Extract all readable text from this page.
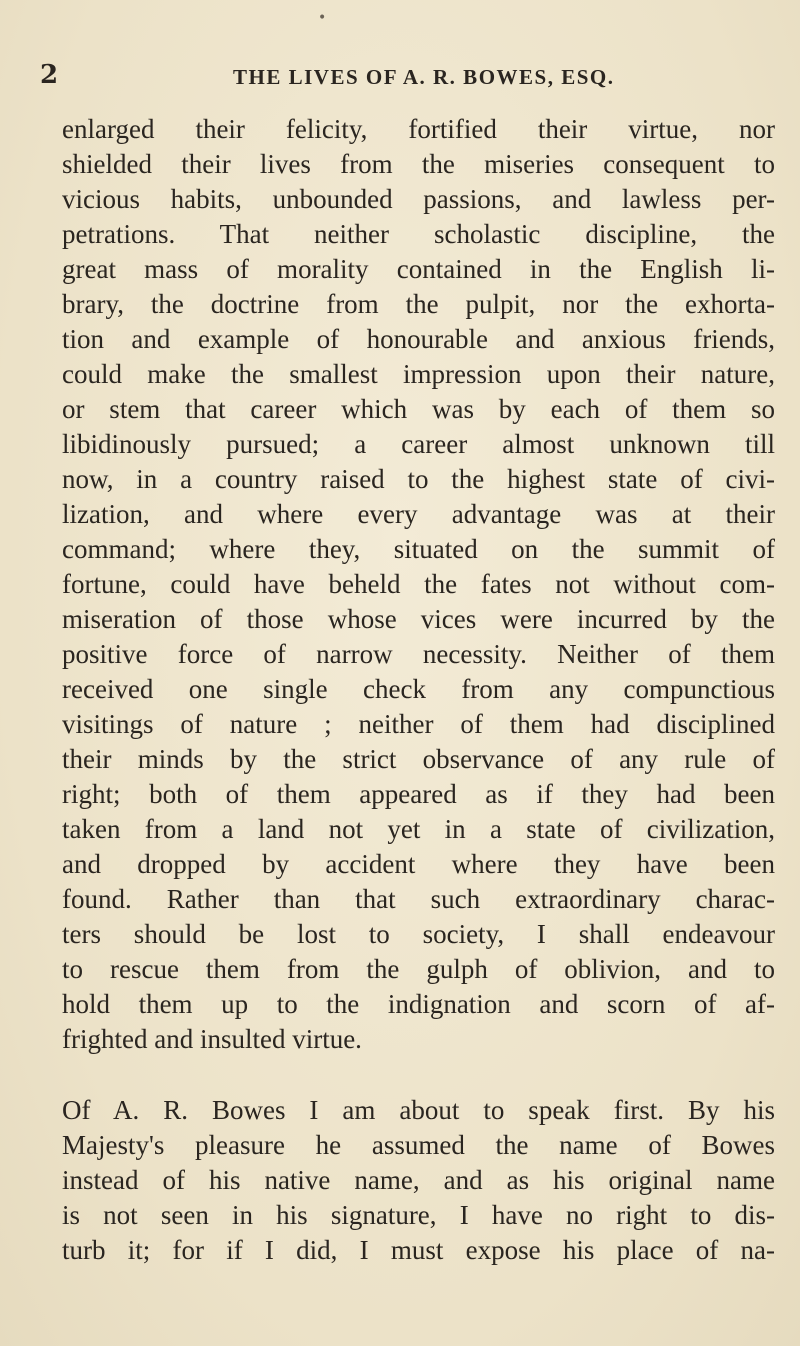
•
2	THE LIVES OF A. R. BOWES, ESQ.
enlarged their felicity, fortified their virtue, nor
shielded their lives from the miseries consequent to
vicious habits, unbounded passions, and lawless per-
petrations. That neither scholastic discipline, the
great mass of morality contained in the English li-
brary, the doctrine from the pulpit, nor the exhorta-
tion and example of honourable and anxious friends,
could make the smallest impression upon their nature,
or stem that career which was by each of them so
libidinously pursued; a career almost unknown till
now, in a country raised to the highest state of civi-
lization, and where every advantage was at their
command; where they, situated on the summit of
fortune, could have beheld the fates not without com-
miseration of those whose vices were incurred by the
positive force of narrow necessity. Neither of them
received one single check from any compunctious
visitings of nature ; neither of them had disciplined
their minds by the strict observance of any rule of
right; both of them appeared as if they had been
taken from a land not yet in a state of civilization,
and dropped by accident where they have been
found. Rather than that such extraordinary charac-
ters should be lost to society, I shall endeavour
to rescue them from the gulph of oblivion, and to
hold them up to the indignation and scorn of af-
frighted and insulted virtue.
Of A. R. Bowes I am about to speak first. By his
Majesty's pleasure he assumed the name of Bowes
instead of his native name, and as his original name
is not seen in his signature, I have no right to dis-
turb it; for if I did, I must expose his place of na-
